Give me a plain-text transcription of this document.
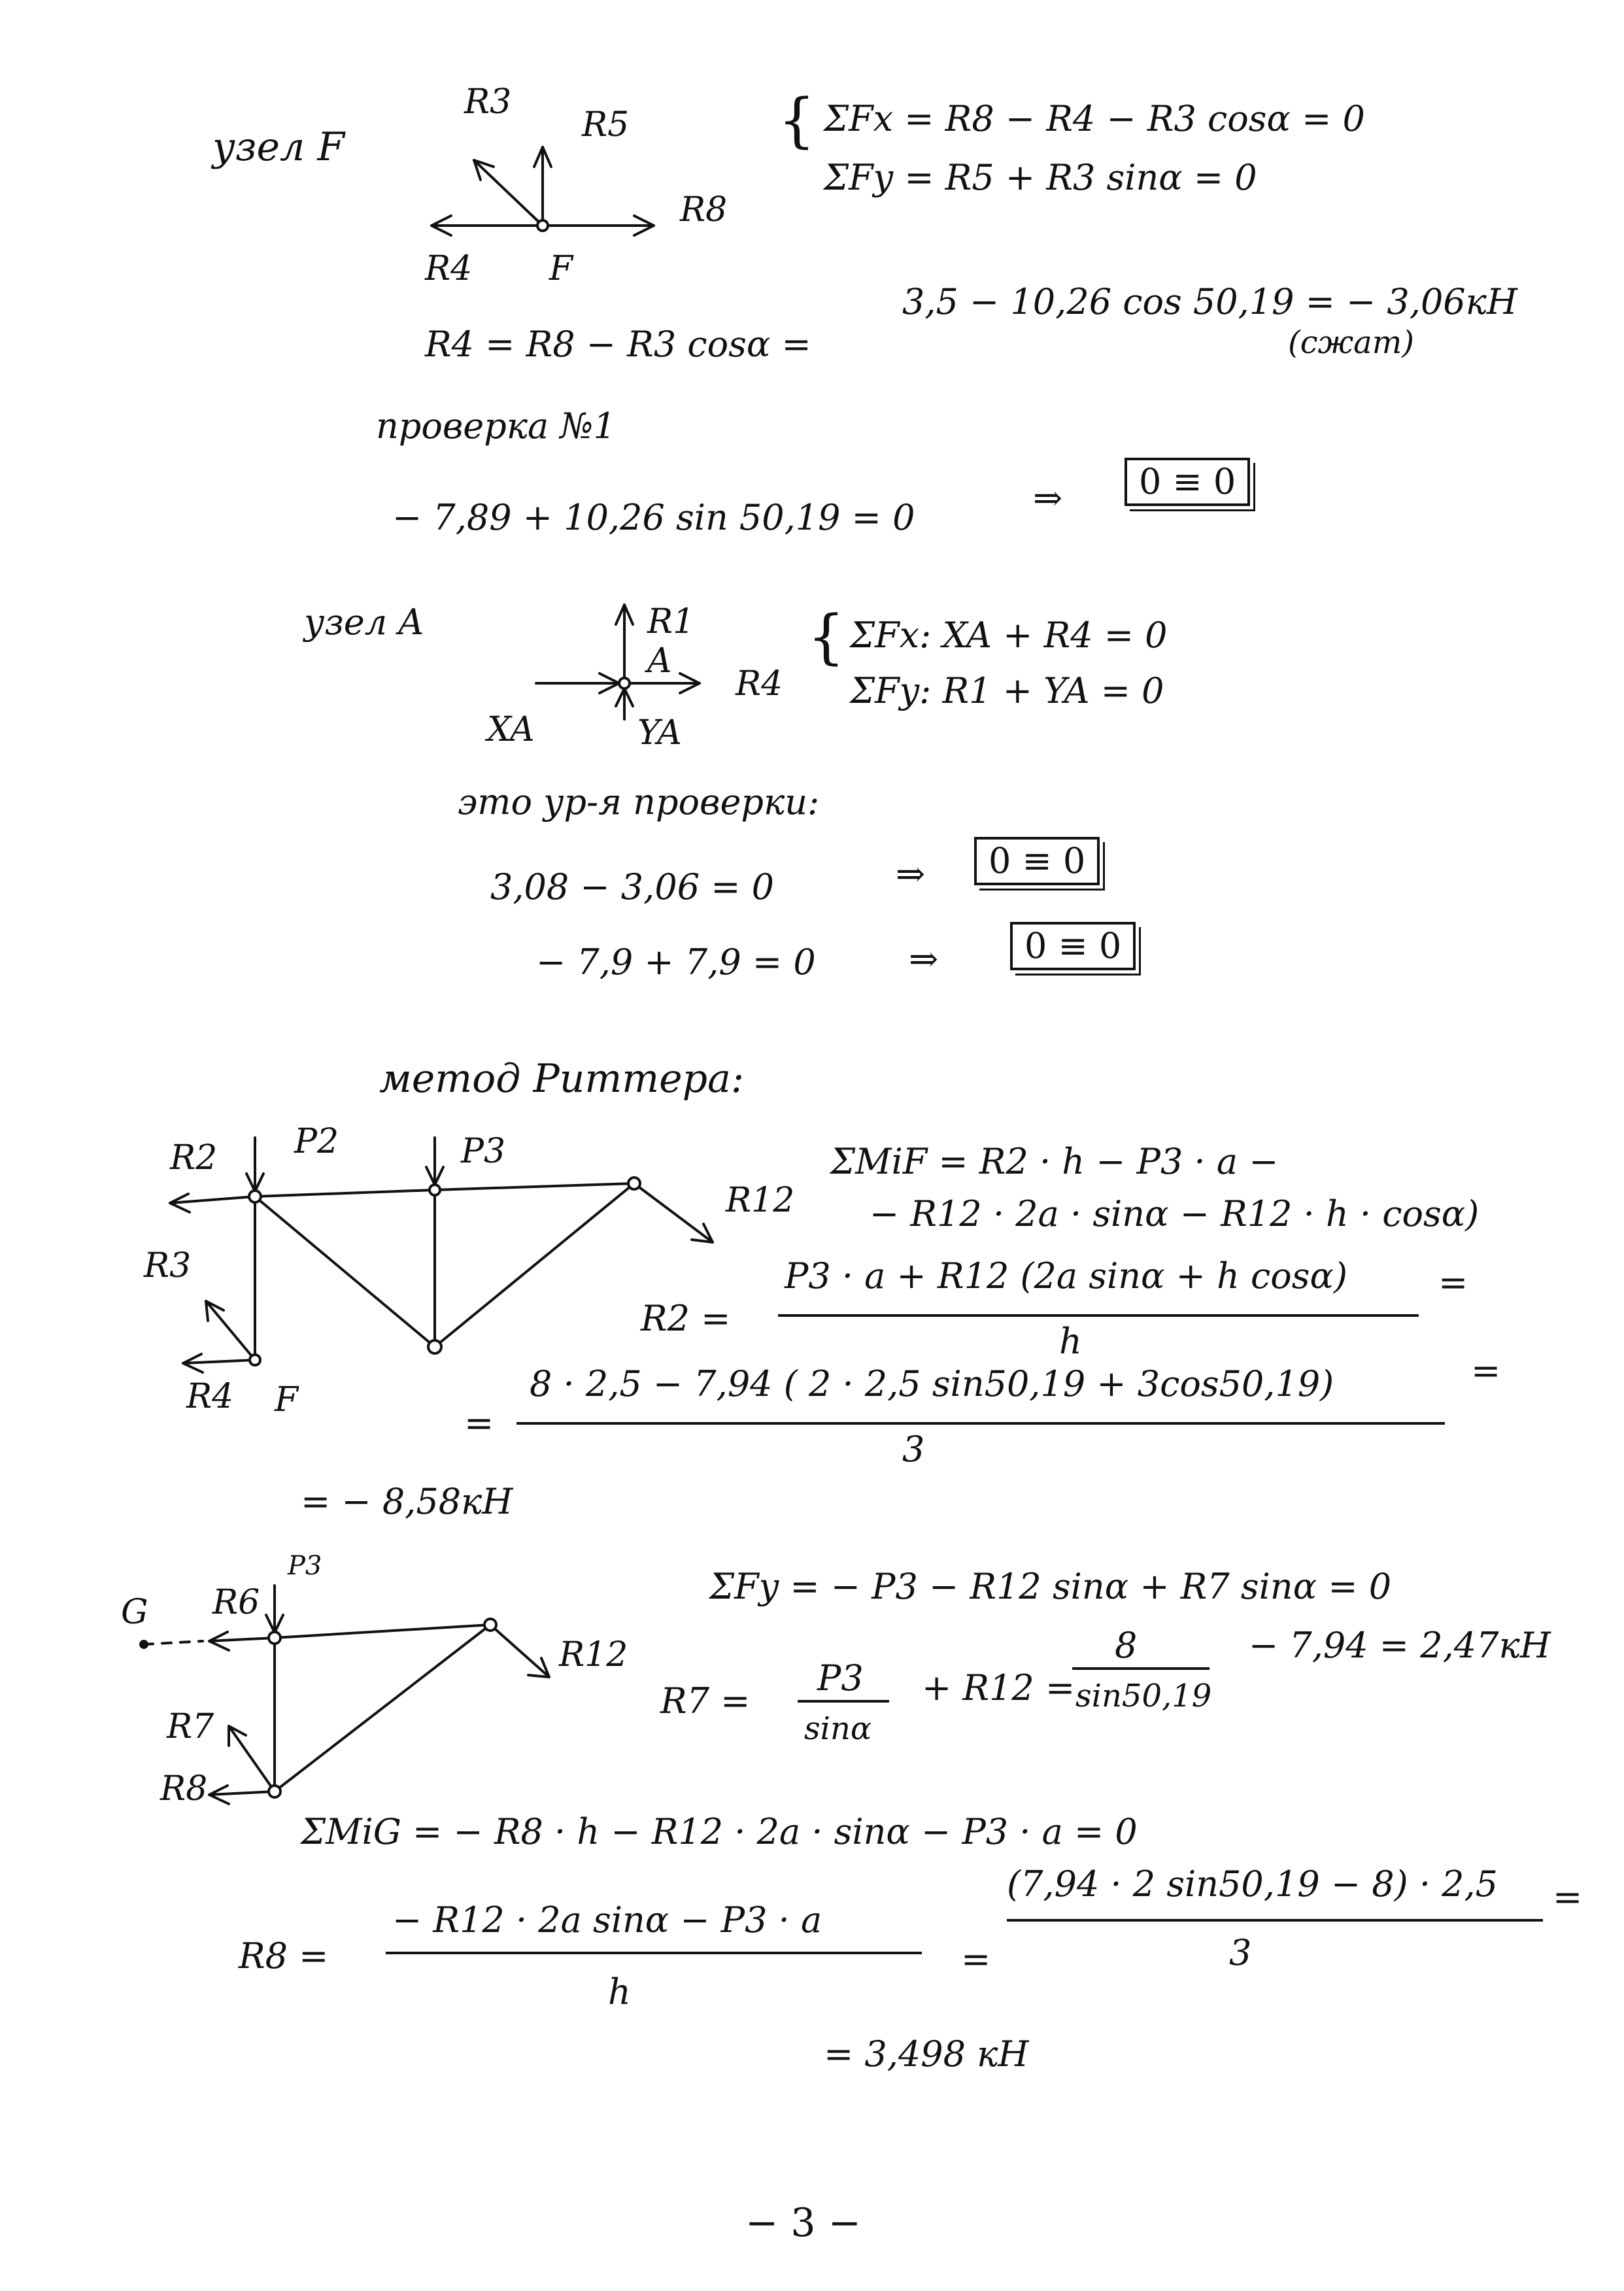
узел F
R3
R5
R8
R4 F
{ ΣFx = R8 − R4 − R3 cosα = 0
ΣFy = R5 + R3 sinα = 0
R4 = R8 − R3 cosα =
3,5 − 10,26 cos 50,19 = − 3,06кН
(сжат)
проверка №1
− 7,89 + 10,26 sin 50,19 = 0	⇒	0 ≡ 0
узел A	R1
A
R4
XA	YA
{ ΣFx: XA + R4 = 0
ΣFy: R1 + YA = 0
это ур-я проверки:
3,08 − 3,06 = 0	⇒	0 ≡ 0
− 7,9 + 7,9 = 0	⇒	0 ≡ 0
метод Риттера:
R2 P2	P3
R12
R3
R4 F
ΣMiF = R2 · h − P3 · a −
− R12 · 2a · sinα − R12 · h · cosα)
R2 =
P3 · a + R12 (2a sinα + h cosα)
h
=
=
8 · 2,5 − 7,94 ( 2 · 2,5 sin50,19 + 3cos50,19)
3
=
= − 8,58кН
G R6
P3
R12
R7
R8
ΣFy = − P3 − R12 sinα + R7 sinα = 0
R7 =
P3
sinα
+ R12 =
8
sin50,19
− 7,94 = 2,47кН
ΣMiG = − R8 · h − R12 · 2a · sinα − P3 · a = 0
R8 =
− R12 · 2a sinα − P3 · a
h
=
(7,94 · 2 sin50,19 − 8) · 2,5
3
=
= 3,498 кН
− 3 −
